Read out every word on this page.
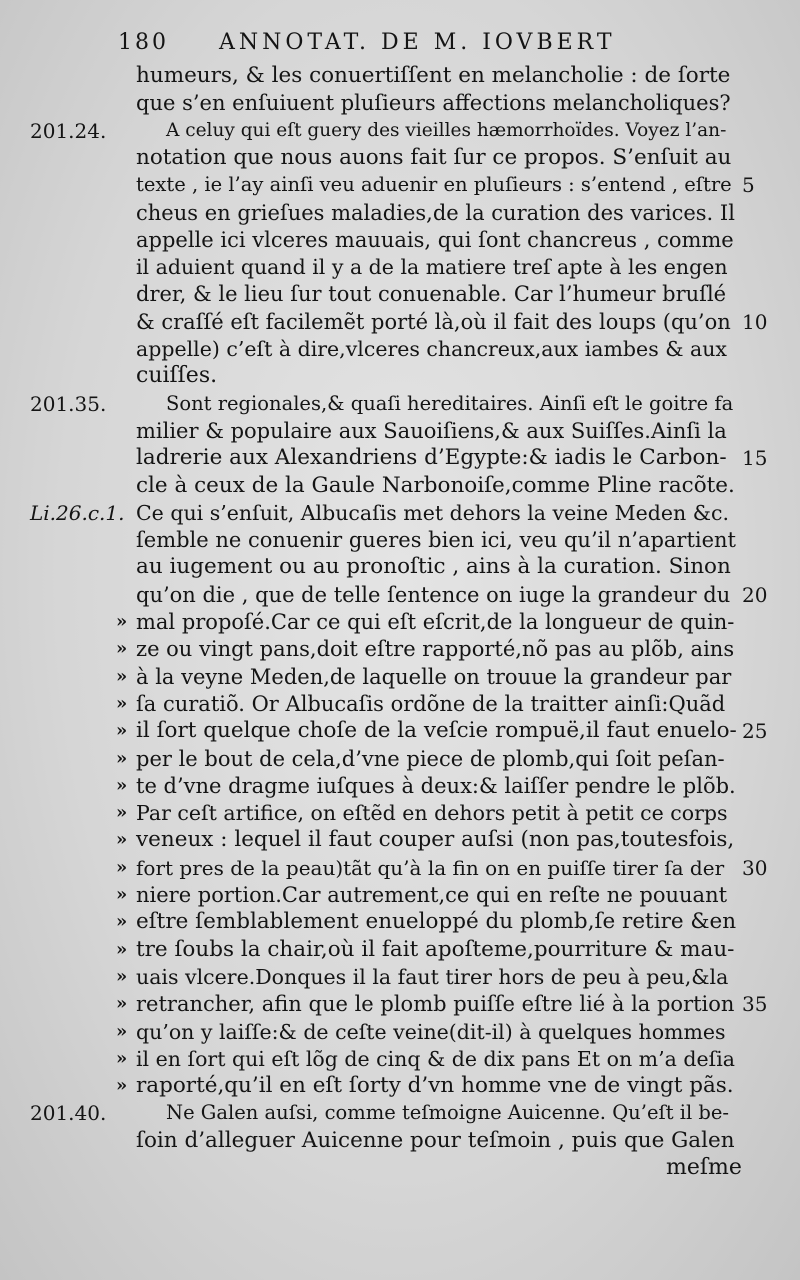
180 ANNOTAT. DE M. IOVBERT
humeurs, & les conuertiſſent en melancholie : de ſorte
que s’en enſuiuent pluſieurs affections melancholiques?
201.24.	A celuy qui eſt guery des vieilles hæmorrhoïdes. Voyez l’an-
notation que nous auons fait ſur ce propos. S’enſuit au
texte , ie l’ay ainſi veu aduenir en pluſieurs : s’entend , eſtre 5
cheus en grieſues maladies,de la curation des varices. Il
appelle ici vlceres mauuais, qui ſont chancreus , comme
il aduient quand il y a de la matiere treſ apte à les engen
drer, & le lieu ſur tout conuenable. Car l’humeur bruſlé
& craſſé eſt facilemẽt porté là,où il fait des loups (qu’on 10
appelle) c’eſt à dire,vlceres chancreux,aux iambes & aux
cuiſſes.
201.35.	Sont regionales,& quaſi hereditaires. Ainſi eſt le goitre fa
milier & populaire aux Sauoiſiens,& aux Suiſſes.Ainſi la
ladrerie aux Alexandriens d’Egypte:& iadis le Carbon- 15
cle à ceux de la Gaule Narbonoiſe,comme Pline racõte.
Li.26.c.1. Ce qui s’enſuit, Albucaſis met dehors la veine Meden &c.
ſemble ne conuenir gueres bien ici, veu qu’il n’apartient
au iugement ou au pronoſtic , ains à la curation. Sinon
qu’on die , que de telle ſentence on iuge la grandeur du 20
» mal propoſé.Car ce qui eſt eſcrit,de la longueur de quin-
» ze ou vingt pans,doit eſtre rapporté,nõ pas au plõb, ains
» à la veyne Meden,de laquelle on trouue la grandeur par
» ſa curatiõ. Or Albucaſis ordõne de la traitter ainſi:Quãd
» il ſort quelque choſe de la veſcie rompuë,il faut enuelo- 25
» per le bout de cela,d’vne piece de plomb,qui ſoit peſan-
» te d’vne dragme iuſques à deux:& laiſſer pendre le plõb.
» Par ceſt artifice, on eſtẽd en dehors petit à petit ce corps
» veneux : lequel il faut couper auſsi (non pas,toutesfois,
» fort pres de la peau)tãt qu’à la fin on en puiſſe tirer ſa der 30
» niere portion.Car autrement,ce qui en reſte ne pouuant
» eſtre ſemblablement enueloppé du plomb,ſe retire &en
» tre ſoubs la chair,où il fait apoſteme,pourriture & mau-
» uais vlcere.Donques il la faut tirer hors de peu à peu,&la
» retrancher, afin que le plomb puiſſe eſtre lié à la portion 35
» qu’on y laiſſe:& de ceſte veine(dit-il) à quelques hommes
» il en ſort qui eſt lõg de cinq & de dix pans Et on m’a deſia
» raporté,qu’il en eſt ſorty d’vn homme vne de vingt pãs.
201.40.	Ne Galen auſsi, comme teſmoigne Auicenne. Qu’eſt il be-
ſoin d’alleguer Auicenne pour teſmoin , puis que Galen
meſme
